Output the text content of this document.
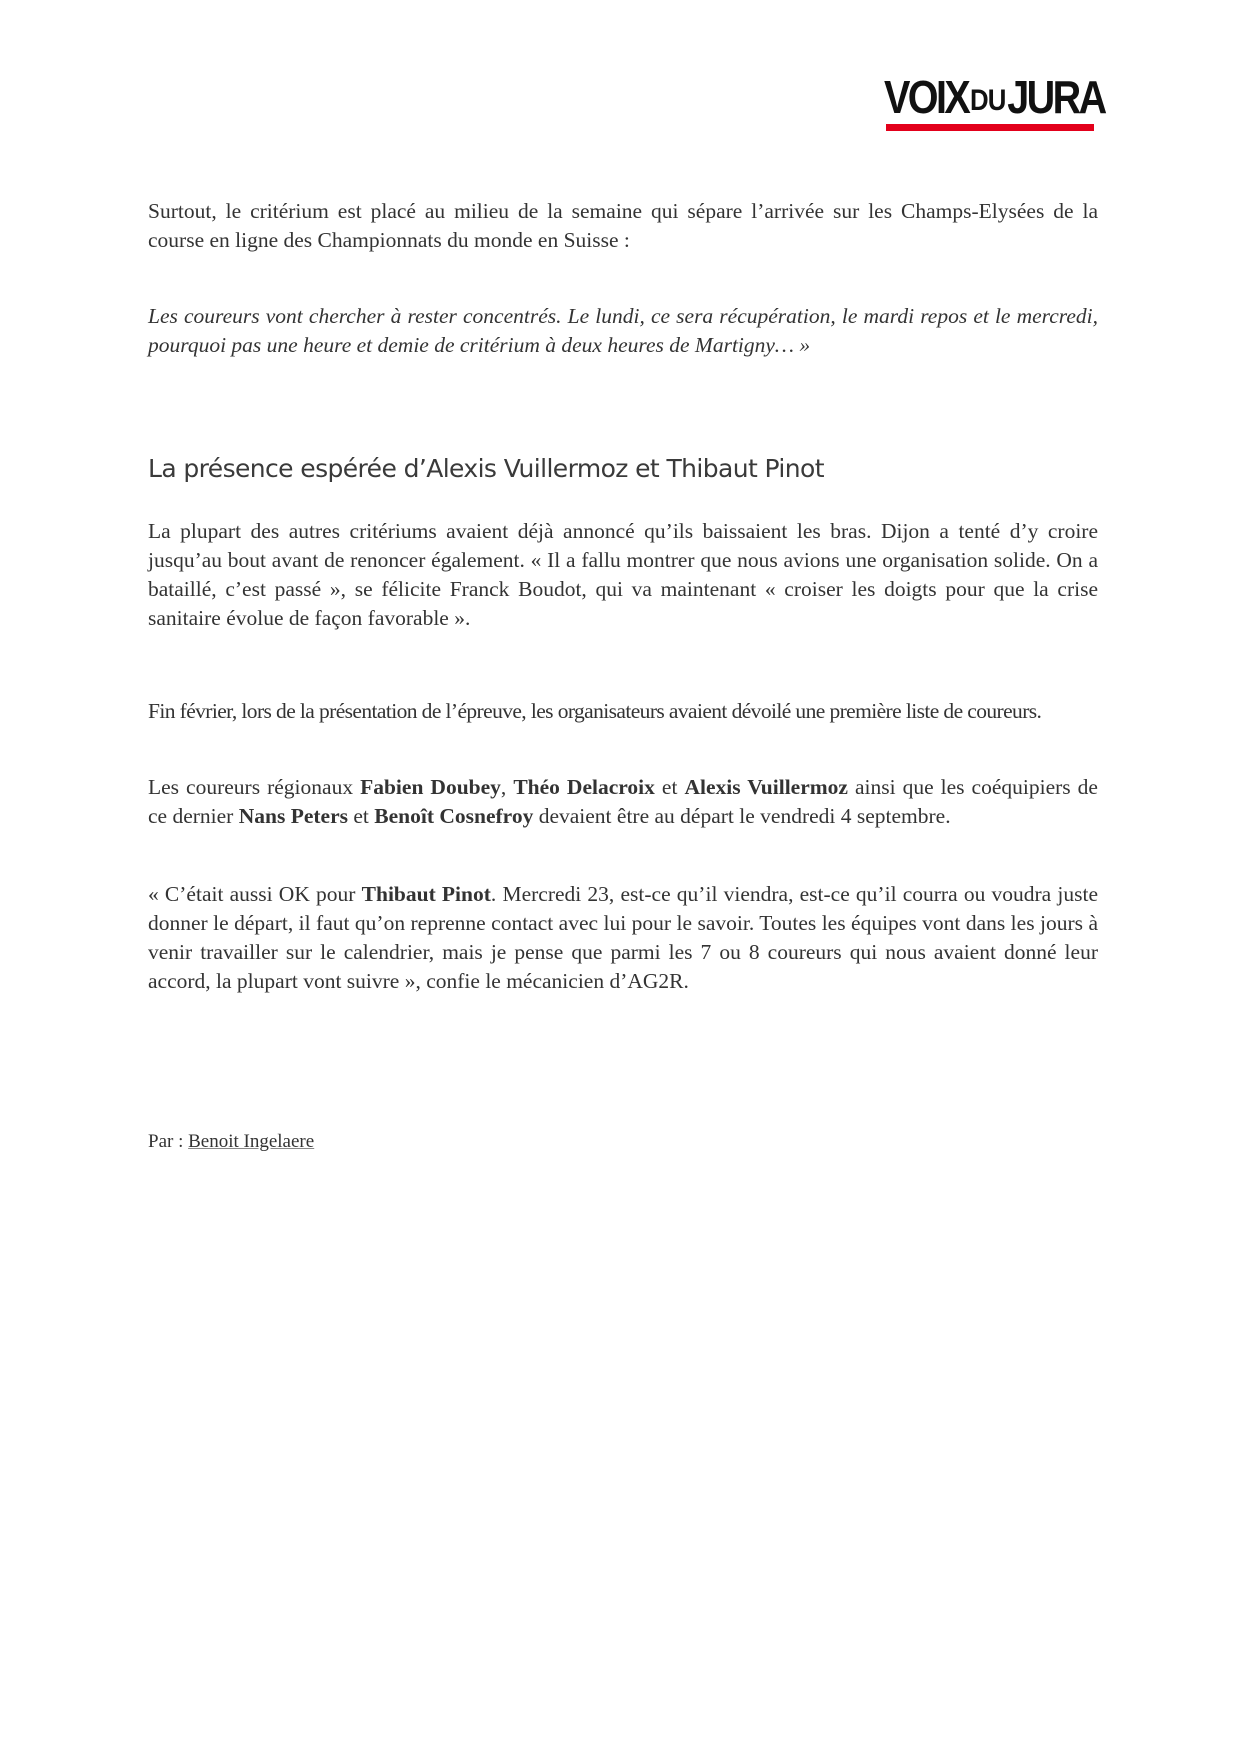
VOIXDUJURA

Surtout, le critérium est placé au milieu de la semaine qui sépare l’arrivée sur les Champs-Elysées de la course en ligne des Championnats du monde en Suisse :

Les coureurs vont chercher à rester concentrés. Le lundi, ce sera récupération, le mardi repos et le mercredi, pourquoi pas une heure et demie de critérium à deux heures de Martigny… »

La présence espérée d’Alexis Vuillermoz et Thibaut Pinot

La plupart des autres critériums avaient déjà annoncé qu’ils baissaient les bras. Dijon a tenté d’y croire jusqu’au bout avant de renoncer également. « Il a fallu montrer que nous avions une organisation solide. On a bataillé, c’est passé », se félicite Franck Boudot, qui va maintenant « croiser les doigts pour que la crise sanitaire évolue de façon favorable ».

Fin février, lors de la présentation de l’épreuve, les organisateurs avaient dévoilé une première liste de coureurs.

Les coureurs régionaux Fabien Doubey, Théo Delacroix et Alexis Vuillermoz ainsi que les coéquipiers de ce dernier Nans Peters et Benoît Cosnefroy devaient être au départ le vendredi 4 septembre.

« C’était aussi OK pour Thibaut Pinot. Mercredi 23, est-ce qu’il viendra, est-ce qu’il courra ou voudra juste donner le départ, il faut qu’on reprenne contact avec lui pour le savoir. Toutes les équipes vont dans les jours à venir travailler sur le calendrier, mais je pense que parmi les 7 ou 8 coureurs qui nous avaient donné leur accord, la plupart vont suivre », confie le mécanicien d’AG2R.

Par : Benoit Ingelaere
